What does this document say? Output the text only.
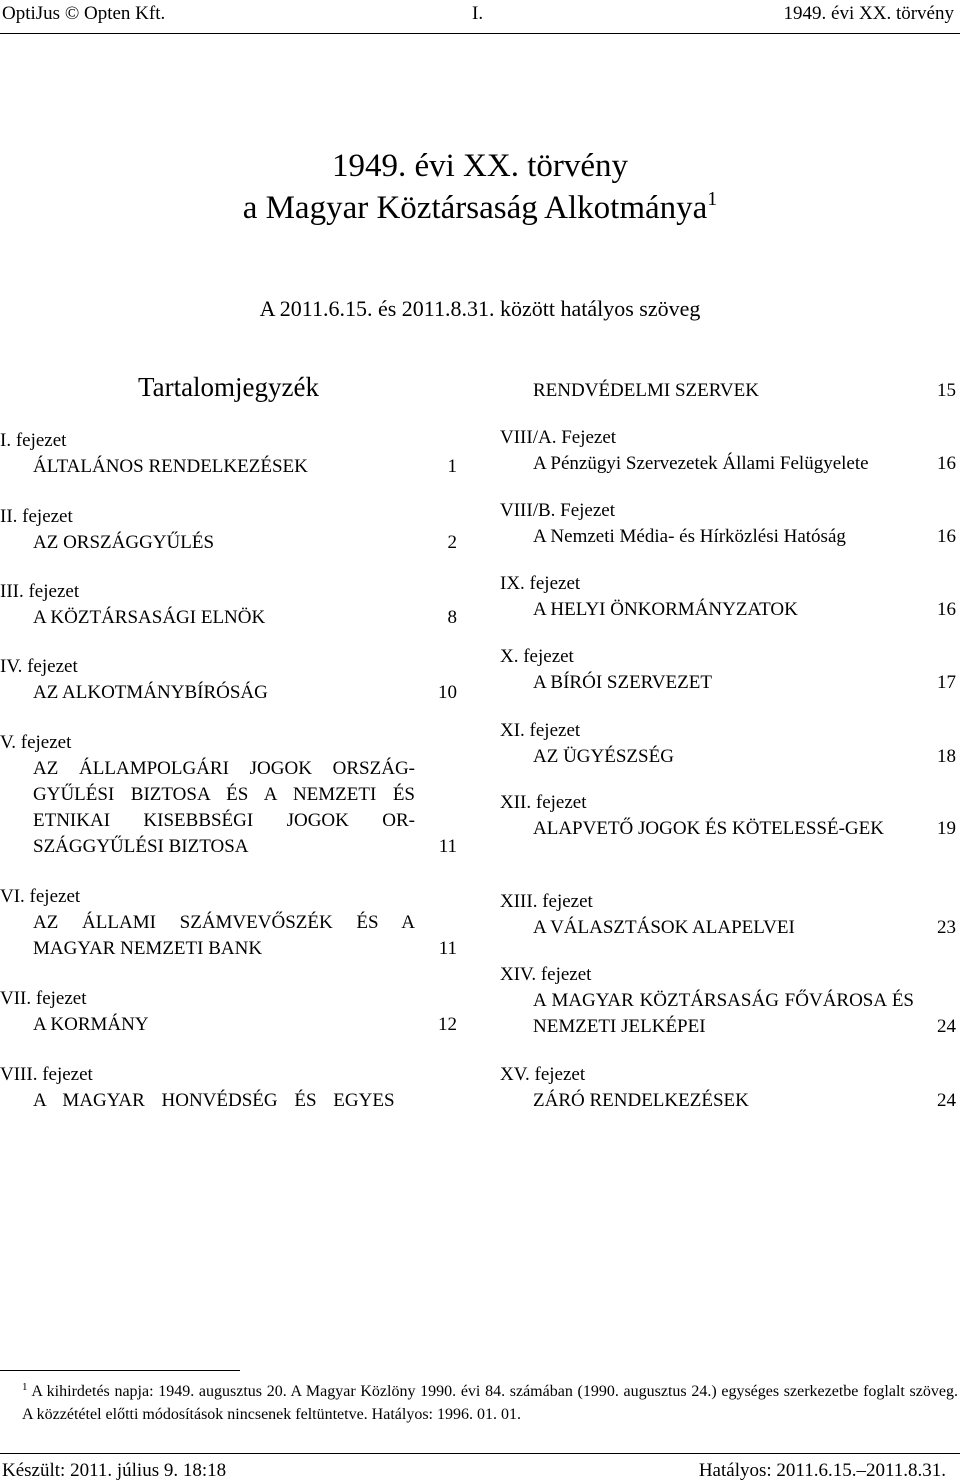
OptiJus © Opten Kft.	I.	1949. évi XX. törvény
1949. évi XX. törvény
a Magyar Köztársaság Alkotmánya$^1$
A 2011.6.15. és 2011.8.31. között hatályos szöveg
Tartalomjegyzék
I. fejezet
ÁLTALÁNOS RENDELKEZÉSEK	1
II. fejezet
AZ ORSZÁGGYŰLÉS	2
III. fejezet
A KÖZTÁRSASÁGI ELNÖK	8
IV. fejezet
AZ ALKOTMÁNYBÍRÓSÁG	10
V. fejezet
AZ ÁLLAMPOLGÁRI JOGOK ORSZÁG-GYŰLÉSI BIZTOSA ÉS A NEMZETI ÉS ETNIKAI KISEBBSÉGI JOGOK OR-SZÁGGYŰLÉSI BIZTOSA	11
VI. fejezet
AZ ÁLLAMI SZÁMVEVŐSZÉK ÉS A MAGYAR NEMZETI BANK	11
VII. fejezet
A KORMÁNY	12
VIII. fejezet
A MAGYAR HONVÉDSÉG ÉS EGYES
RENDVÉDELMI SZERVEK	15
VIII/A. Fejezet
A Pénzügyi Szervezetek Állami Felügyelete	16
VIII/B. Fejezet
A Nemzeti Média- és Hírközlési Hatóság	16
IX. fejezet
A HELYI ÖNKORMÁNYZATOK	16
X. fejezet
A BÍRÓI SZERVEZET	17
XI. fejezet
AZ ÜGYÉSZSÉG	18
XII. fejezet
ALAPVETŐ JOGOK ÉS KÖTELESSÉ-GEK	19
XIII. fejezet
A VÁLASZTÁSOK ALAPELVEI	23
XIV. fejezet
A MAGYAR KÖZTÁRSASÁG FŐVÁROSA ÉS NEMZETI JELKÉPEI	24
XV. fejezet
ZÁRÓ RENDELKEZÉSEK	24
$^1$ A kihirdetés napja: 1949. augusztus 20. A Magyar Közlöny 1990. évi 84. számában (1990. augusztus 24.) egységes szerkezetbe foglalt szöveg. A közzététel előtti módosítások nincsenek feltüntetve. Hatályos: 1996. 01. 01.
Készült: 2011. július 9. 18:18	Hatályos: 2011.6.15.–2011.8.31.
